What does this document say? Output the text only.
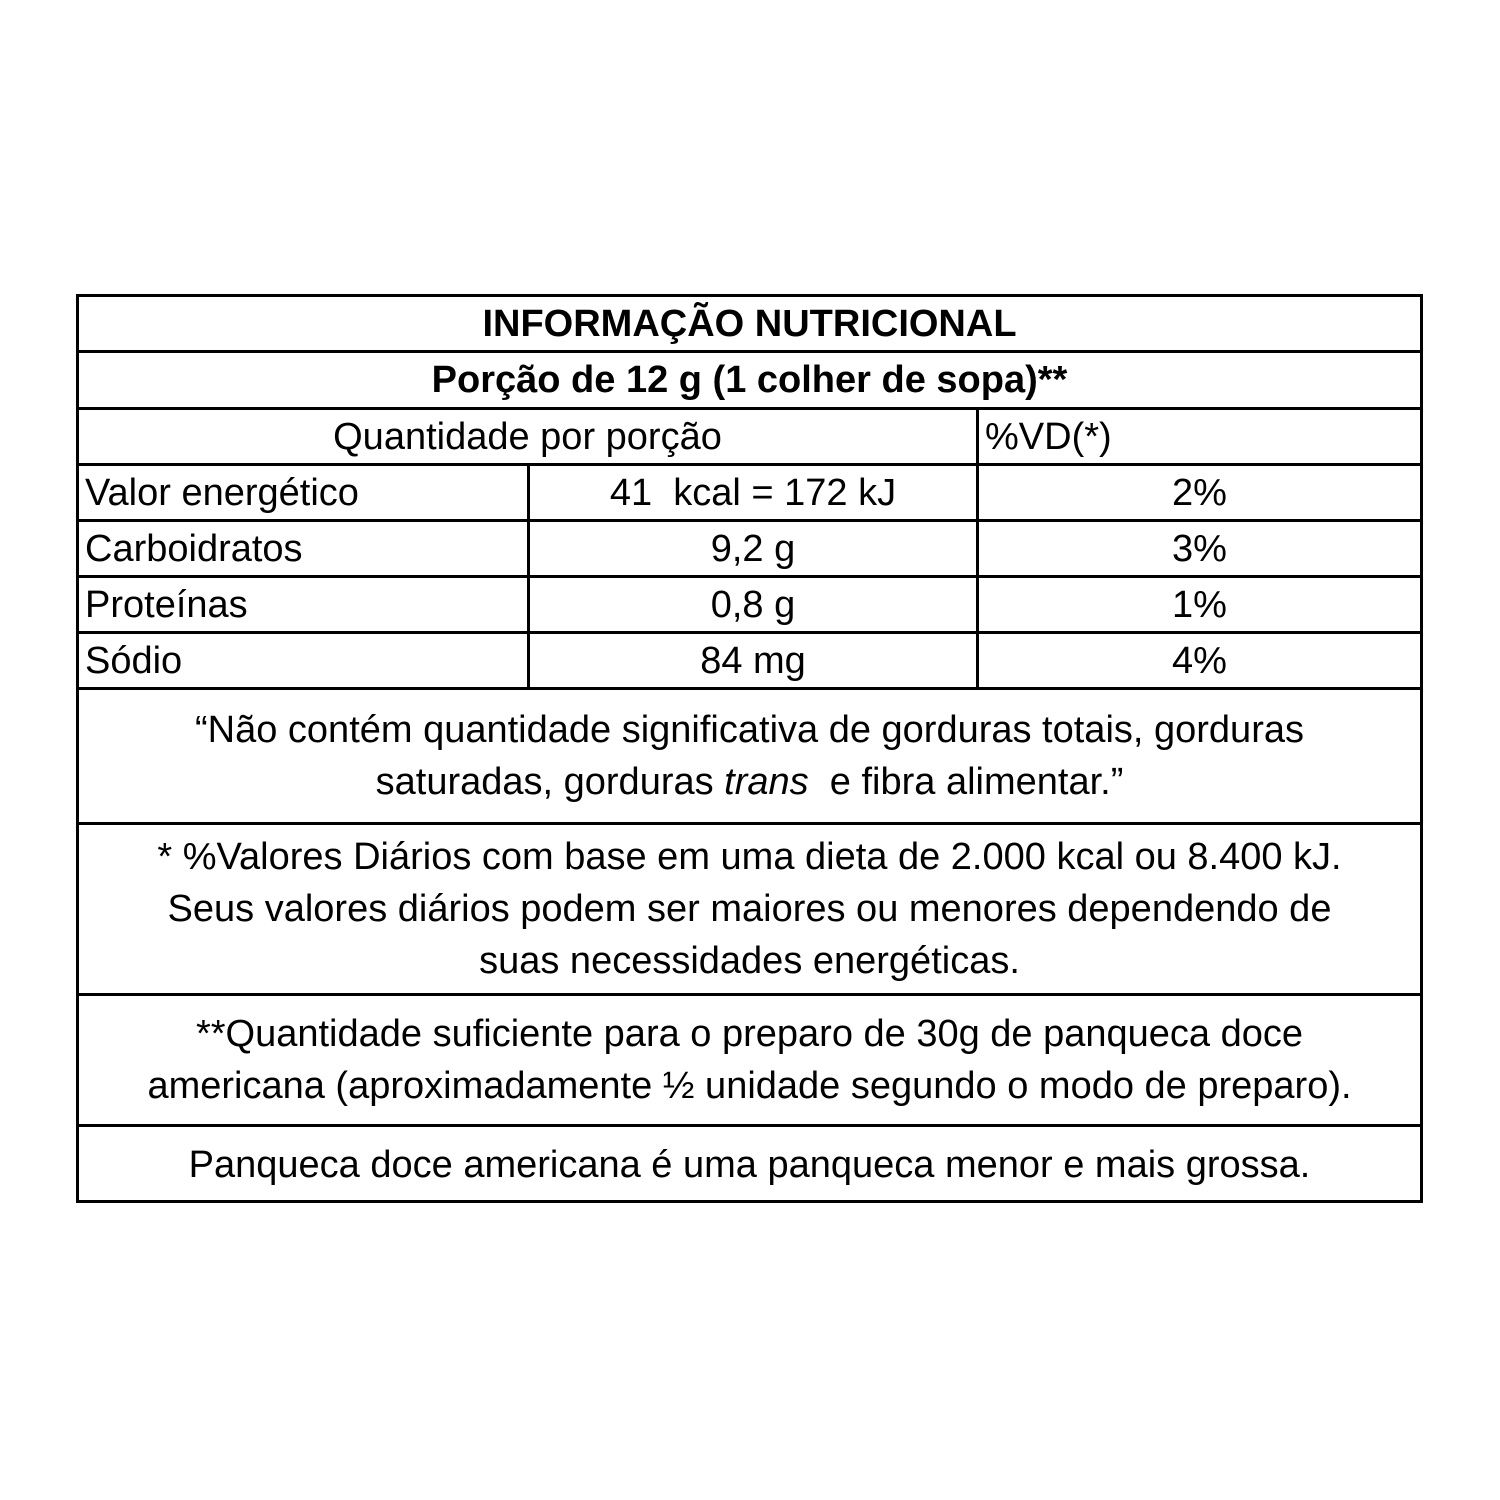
INFORMAÇÃO NUTRICIONAL
Porção de 12 g (1 colher de sopa)**
Quantidade por porção	%VD(*)
Valor energético	41  kcal = 172 kJ	2%
Carboidratos	9,2 g	3%
Proteínas	0,8 g	1%
Sódio	84 mg	4%
“Não contém quantidade significativa de gorduras totais, gorduras
saturadas, gorduras trans  e fibra alimentar.”
* %Valores Diários com base em uma dieta de 2.000 kcal ou 8.400 kJ.
Seus valores diários podem ser maiores ou menores dependendo de
suas necessidades energéticas.
**Quantidade suficiente para o preparo de 30g de panqueca doce
americana (aproximadamente ½ unidade segundo o modo de preparo).
Panqueca doce americana é uma panqueca menor e mais grossa.
